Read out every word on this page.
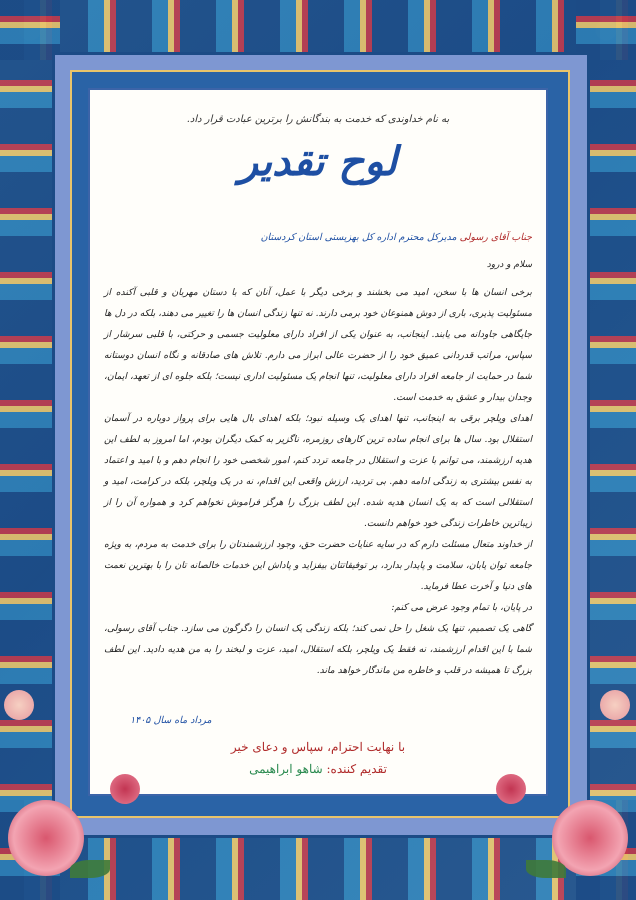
به نام خداوندی که خدمت به بندگانش را برترین عبادت قرار داد.
لوح تقدیر
جناب آقای رسولی مدیرکل محترم اداره کل بهزیستی استان کردستان
سلام و درود

برخی انسان ها با سخن، امید می بخشند و برخی دیگر با عمل، آنان که با دستان مهربان و قلبی آکنده از مسئولیت پذیری، باری از دوش همنوعان خود برمی دارند. نه تنها زندگی انسان ها را تغییر می دهند، بلکه در دل ها جایگاهی جاودانه می یابند. اینجانب، به عنوان یکی از افراد دارای معلولیت جسمی و حرکتی، با قلبی سرشار از سپاس، مراتب قدردانی عمیق خود را از حضرت عالی ابراز می دارم. تلاش های صادقانه و نگاه انسان دوستانه شما در حمایت از جامعه افراد دارای معلولیت، تنها انجام یک مسئولیت اداری نیست؛ بلکه جلوه ای از تعهد، ایمان، وجدان بیدار و عشق به خدمت است.

اهدای ویلچر برقی به اینجانب، تنها اهدای یک وسیله نبود؛ بلکه اهدای بال هایی برای پرواز دوباره در آسمان استقلال بود. سال ها برای انجام ساده ترین کارهای روزمره، ناگزیر به کمک دیگران بودم، اما امروز به لطف این هدیه ارزشمند، می توانم با عزت و استقلال در جامعه تردد کنم، امور شخصی خود را انجام دهم و با امید و اعتماد به نفس بیشتری به زندگی ادامه دهم. بی تردید، ارزش واقعی این اقدام، نه در یک ویلچر، بلکه در کرامت، امید و استقلالی است که به یک انسان هدیه شده. این لطف بزرگ را هرگز فراموش نخواهم کرد و همواره آن را از زیباترین خاطرات زندگی خود خواهم دانست.

از خداوند متعال مسئلت دارم که در سایه عنایات حضرت حق، وجود ارزشمندتان را برای خدمت به مردم، به ویژه جامعه توان یابان، سلامت و پایدار بدارد، بر توفیقاتتان بیفزاید و پاداش این خدمات خالصانه تان را با بهترین نعمت های دنیا و آخرت عطا فرماید.

در پایان، با تمام وجود عرض می کنم:

گاهی یک تصمیم، تنها یک شغل را حل نمی کند؛ بلکه زندگی یک انسان را دگرگون می سازد. جناب آقای رسولی، شما با این اقدام ارزشمند، نه فقط یک ویلچر، بلکه استقلال، امید، عزت و لبخند را به من هدیه دادید. این لطف بزرگ تا همیشه در قلب و خاطره من ماندگار خواهد ماند.

مرداد ماه سال ۱۴۰۵
با نهایت احترام، سپاس و دعای خیر
تقدیم کننده: شاهو ابراهیمی
